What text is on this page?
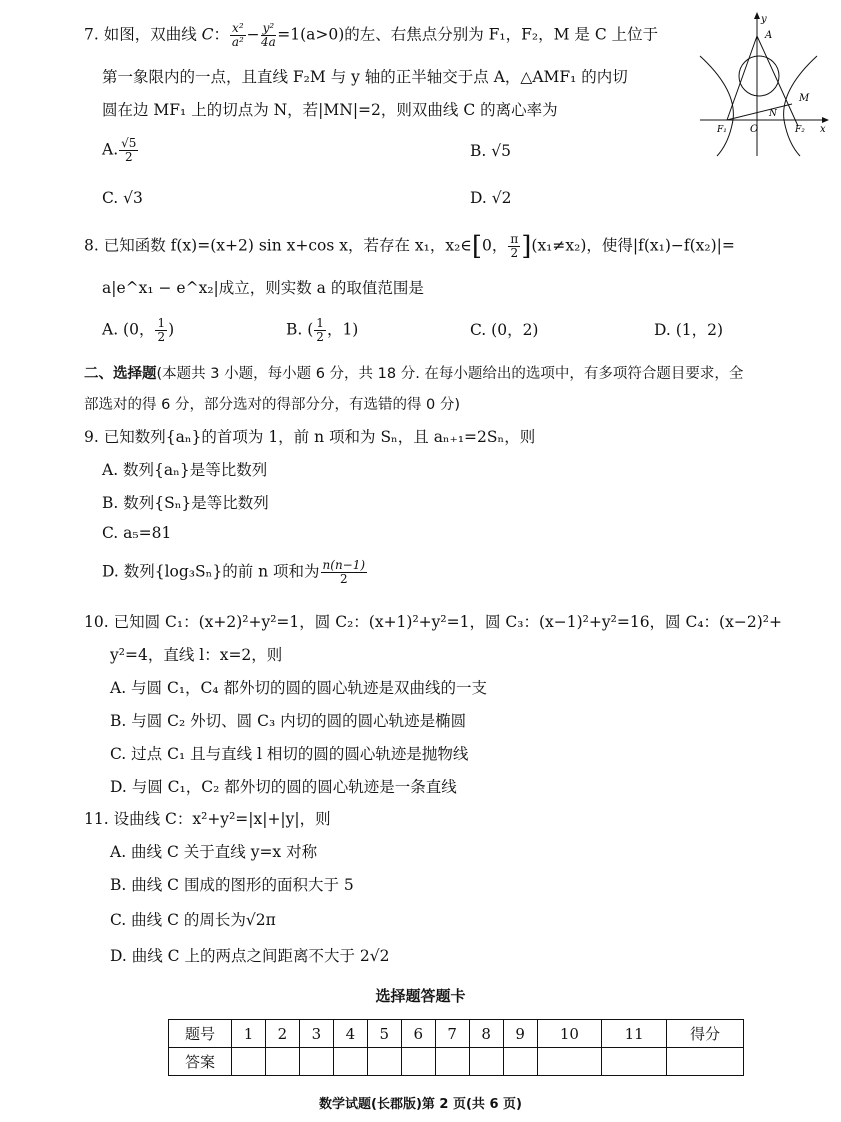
7. 如图，双曲线 C： $\frac{\text{x²}}{\text{a²}} - \frac{\text{y²}}{4a} =1(a>0)$的左、右焦点分别为 F₁，F₂，M 是 C 上位于
第一象限内的一点，且直线 F₂M 与 y 轴的正半轴交于点 A，△AMF₁ 的内切
圆在边 MF₁ 上的切点为 N，若|MN|=2，则双曲线 C 的离心率为
A. $\frac{√5}{2}$	B. √5
C. √3	D. √2
y
A
M
N
O
F₁	F₂ x
8. 已知函数 f(x)=(x+2) sin x+cos x，若存在 x₁，x₂∈[0， $\frac{\pi}{2} ](x_1\ne x_2)$，使得|f(x₁)−f(x₂)|=
a|e^x₁ − e^x₂|成立，则实数 a 的取值范围是
A. (0， $\frac{1}{2}$ )	B. ( $\frac{1}{2}$ ，1)	C. (0，2)	D. (1，2)
二、选择题(本题共 3 小题，每小题 6 分，共 18 分. 在每小题给出的选项中，有多项符合题目要求，全
部选对的得 6 分，部分选对的得部分分，有选错的得 0 分)
9. 已知数列{aₙ}的首项为 1，前 n 项和为 Sₙ，且 aₙ₊₁=2Sₙ，则
A. 数列{aₙ}是等比数列
B. 数列{Sₙ}是等比数列
C. a₅=81
D. 数列{log₃Sₙ}的前 n 项和为 $\frac{n(n-1)}{2}$
10. 已知圆 C₁：(x+2)²+y²=1，圆 C₂：(x+1)²+y²=1，圆 C₃：(x−1)²+y²=16，圆 C₄：(x−2)²+
y²=4，直线 l：x=2，则
A. 与圆 C₁，C₄ 都外切的圆的圆心轨迹是双曲线的一支
B. 与圆 C₂ 外切、圆 C₃ 内切的圆的圆心轨迹是椭圆
C. 过点 C₁ 且与直线 l 相切的圆的圆心轨迹是抛物线
D. 与圆 C₁，C₂ 都外切的圆的圆心轨迹是一条直线
11. 设曲线 C：x²+y²=|x|+|y|，则
A. 曲线 C 关于直线 y=x 对称
B. 曲线 C 围成的图形的面积大于 5
C. 曲线 C 的周长为√2π
D. 曲线 C 上的两点之间距离不大于 2√2
选择题答题卡
题号	1	2	3	4	5	6	7	8	9	10	11	得分
答案												
数学试题(长郡版)第 2 页(共 6 页)
